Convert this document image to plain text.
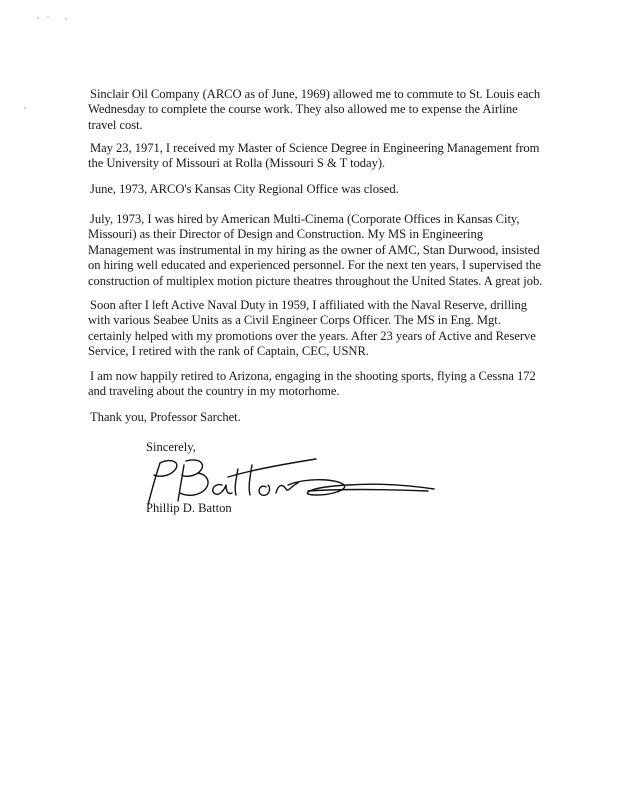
Sinclair Oil Company (ARCO as of June, 1969) allowed me to commute to St. Louis each Wednesday to complete the course work. They also allowed me to expense the Airline travel cost.

May 23, 1971, I received my Master of Science Degree in Engineering Management from the University of Missouri at Rolla (Missouri S & T today).

June, 1973, ARCO's Kansas City Regional Office was closed.

July, 1973, I was hired by American Multi-Cinema (Corporate Offices in Kansas City, Missouri) as their Director of Design and Construction. My MS in Engineering Management was instrumental in my hiring as the owner of AMC, Stan Durwood, insisted on hiring well educated and experienced personnel. For the next ten years, I supervised the construction of multiplex motion picture theatres throughout the United States. A great job.

Soon after I left Active Naval Duty in 1959, I affiliated with the Naval Reserve, drilling with various Seabee Units as a Civil Engineer Corps Officer. The MS in Eng. Mgt. certainly helped with my promotions over the years. After 23 years of Active and Reserve Service, I retired with the rank of Captain, CEC, USNR.

I am now happily retired to Arizona, engaging in the shooting sports, flying a Cessna 172 and traveling about the country in my motorhome.

Thank you, Professor Sarchet.

Sincerely,
Phillip D. Batton
